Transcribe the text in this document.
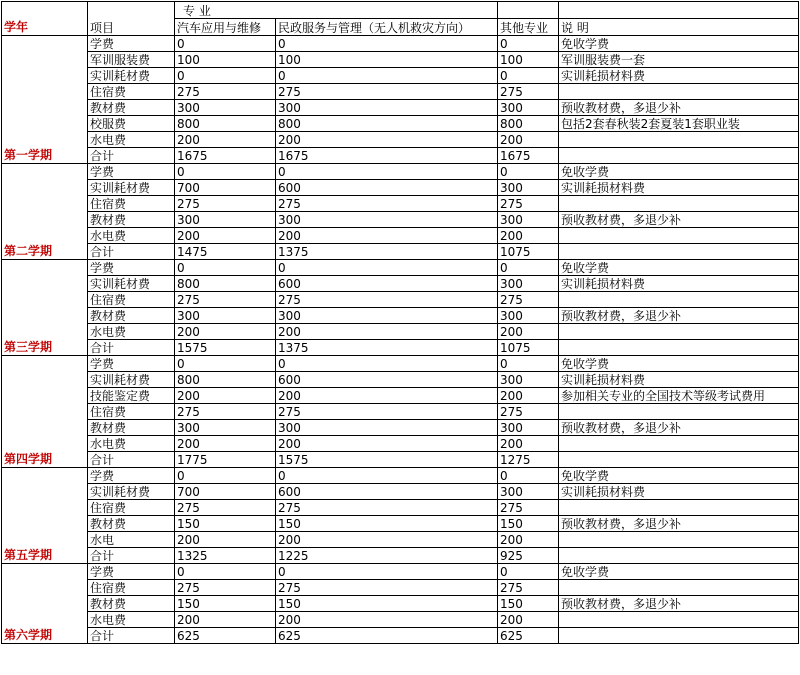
学年	项目	专 业			
		汽车应用与维修	民政服务与管理（无人机救灾方向）	其他专业	说 明
第一学期	学费	0	0	0	免收学费
	军训服装费	100	100	100	军训服装费一套
	实训耗材费	0	0	0	实训耗损材料费
	住宿费	275	275	275	
	教材费	300	300	300	预收教材费，多退少补
	校服费	800	800	800	包括2套春秋装2套夏装1套职业装
	水电费	200	200	200	
	合计	1675	1675	1675	
第二学期	学费	0	0	0	免收学费
	实训耗材费	700	600	300	实训耗损材料费
	住宿费	275	275	275	
	教材费	300	300	300	预收教材费，多退少补
	水电费	200	200	200	
	合计	1475	1375	1075	
第三学期	学费	0	0	0	免收学费
	实训耗材费	800	600	300	实训耗损材料费
	住宿费	275	275	275	
	教材费	300	300	300	预收教材费，多退少补
	水电费	200	200	200	
	合计	1575	1375	1075	
第四学期	学费	0	0	0	免收学费
	实训耗材费	800	600	300	实训耗损材料费
	技能鉴定费	200	200	200	参加相关专业的全国技术等级考试费用
	住宿费	275	275	275	
	教材费	300	300	300	预收教材费，多退少补
	水电费	200	200	200	
	合计	1775	1575	1275	
第五学期	学费	0	0	0	免收学费
	实训耗材费	700	600	300	实训耗损材料费
	住宿费	275	275	275	
	教材费	150	150	150	预收教材费，多退少补
	水电	200	200	200	
	合计	1325	1225	925	
第六学期	学费	0	0	0	免收学费
	住宿费	275	275	275	
	教材费	150	150	150	预收教材费，多退少补
	水电费	200	200	200	
	合计	625	625	625	
